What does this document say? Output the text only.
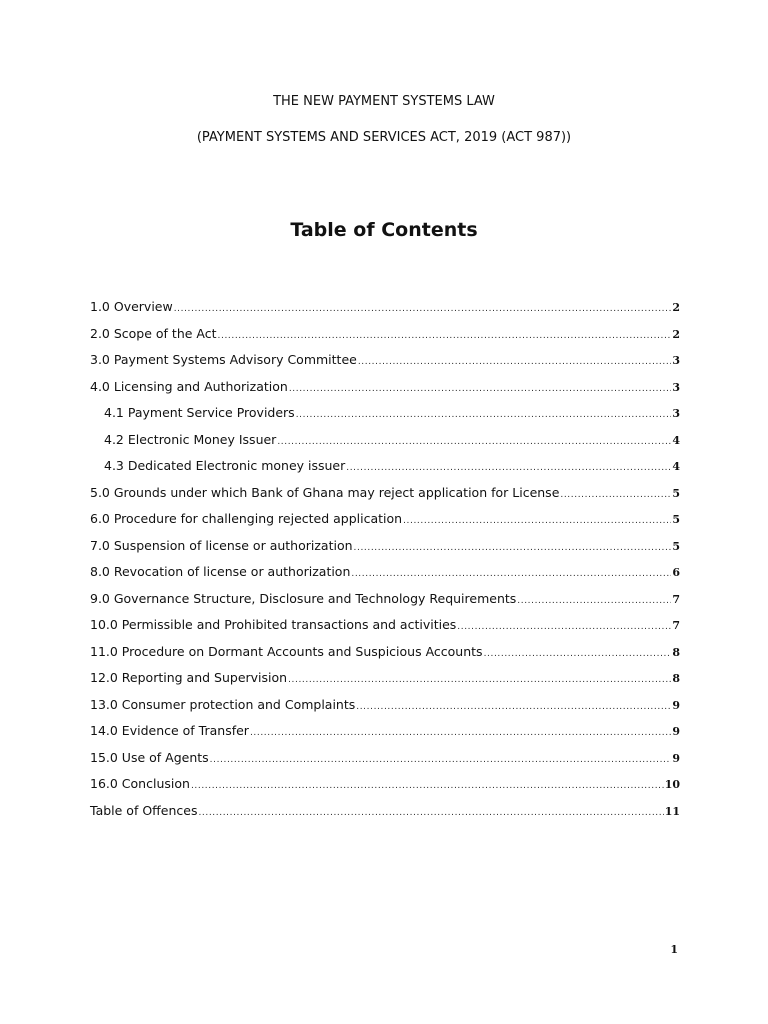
THE NEW PAYMENT SYSTEMS LAW
(PAYMENT SYSTEMS AND SERVICES ACT, 2019 (ACT 987))
Table of Contents
1.0 Overview .....	2
2.0 Scope of the Act .....	2
3.0 Payment Systems Advisory Committee .....	3
4.0 Licensing and Authorization .....	3
4.1 Payment Service Providers .....	3
4.2 Electronic Money Issuer .....	4
4.3 Dedicated Electronic money issuer .....	4
5.0 Grounds under which Bank of Ghana may reject application for License .....	5
6.0 Procedure for challenging rejected application .....	5
7.0 Suspension of license or authorization .....	5
8.0 Revocation of license or authorization .....	6
9.0 Governance Structure, Disclosure and Technology Requirements .....	7
10.0 Permissible and Prohibited transactions and activities .....	7
11.0 Procedure on Dormant Accounts and Suspicious Accounts .....	8
12.0 Reporting and Supervision .....	8
13.0 Consumer protection and Complaints .....	9
14.0 Evidence of Transfer .....	9
15.0 Use of Agents .....	9
16.0 Conclusion .....	10
Table of Offences .....	11
1
